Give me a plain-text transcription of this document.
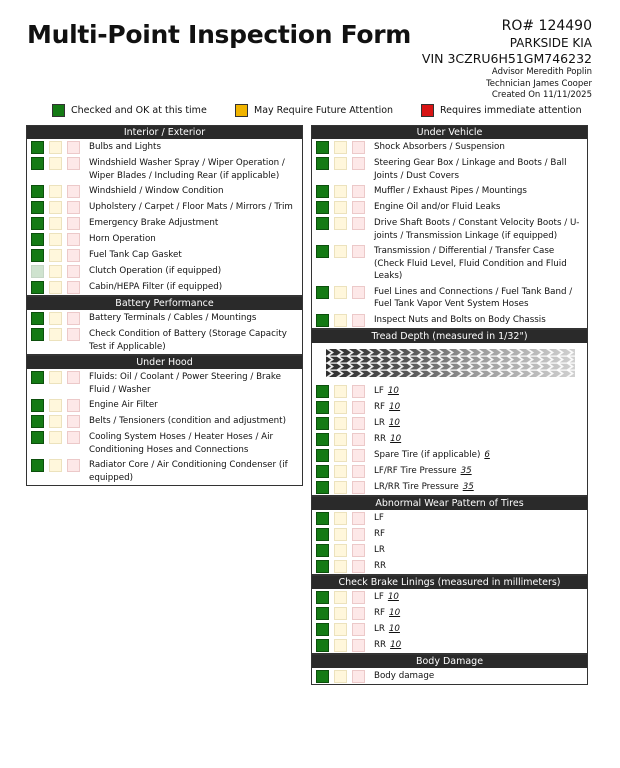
Multi-Point Inspection Form	RO# 124490
PARKSIDE KIA
VIN 3CZRU6H51GM746232
Advisor Meredith Poplin
Technician James Cooper
Created On 11/11/2025
Checked and OK at this time	May Require Future Attention	Requires immediate attention
Interior / Exterior
Bulbs and Lights
Windshield Washer Spray / Wiper Operation / Wiper Blades / Including Rear (if applicable)
Windshield / Window Condition
Upholstery / Carpet / Floor Mats / Mirrors / Trim
Emergency Brake Adjustment
Horn Operation
Fuel Tank Cap Gasket
Clutch Operation (if equipped)
Cabin/HEPA Filter (if equipped)
Battery Performance
Battery Terminals / Cables / Mountings
Check Condition of Battery (Storage Capacity Test if Applicable)
Under Hood
Fluids: Oil / Coolant / Power Steering / Brake Fluid / Washer
Engine Air Filter
Belts / Tensioners (condition and adjustment)
Cooling System Hoses / Heater Hoses / Air Conditioning Hoses and Connections
Radiator Core / Air Conditioning Condenser (if equipped)
Under Vehicle
Shock Absorbers / Suspension
Steering Gear Box / Linkage and Boots / Ball Joints / Dust Covers
Muffler / Exhaust Pipes / Mountings
Engine Oil and/or Fluid Leaks
Drive Shaft Boots / Constant Velocity Boots / U-joints / Transmission Linkage (if equipped)
Transmission / Differential / Transfer Case (Check Fluid Level, Fluid Condition and Fluid Leaks)
Fuel Lines and Connections / Fuel Tank Band / Fuel Tank Vapor Vent System Hoses
Inspect Nuts and Bolts on Body Chassis
Tread Depth (measured in 1/32")
LF 10
RF 10
LR 10
RR 10
Spare Tire (if applicable) 6
LF/RF Tire Pressure 35
LR/RR Tire Pressure 35
Abnormal Wear Pattern of Tires
LF
RF
LR
RR
Check Brake Linings (measured in millimeters)
LF 10
RF 10
LR 10
RR 10
Body Damage
Body damage
